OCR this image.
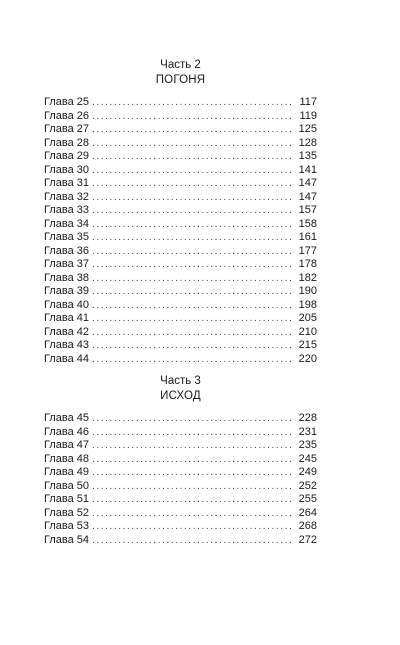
Часть 2
ПОГОНЯ
Глава 25 .....	117
Глава 26 .....	119
Глава 27 .....	125
Глава 28 .....	128
Глава 29 .....	135
Глава 30 .....	141
Глава 31 .....	147
Глава 32 .....	147
Глава 33 .....	157
Глава 34 .....	158
Глава 35 .....	161
Глава 36 .....	177
Глава 37 .....	178
Глава 38 .....	182
Глава 39 .....	190
Глава 40 .....	198
Глава 41 .....	205
Глава 42 .....	210
Глава 43 .....	215
Глава 44 .....	220
Часть 3
ИСХОД
Глава 45 .....	228
Глава 46 .....	231
Глава 47 .....	235
Глава 48 .....	245
Глава 49 .....	249
Глава 50 .....	252
Глава 51 .....	255
Глава 52 .....	264
Глава 53 .....	268
Глава 54 .....	272
